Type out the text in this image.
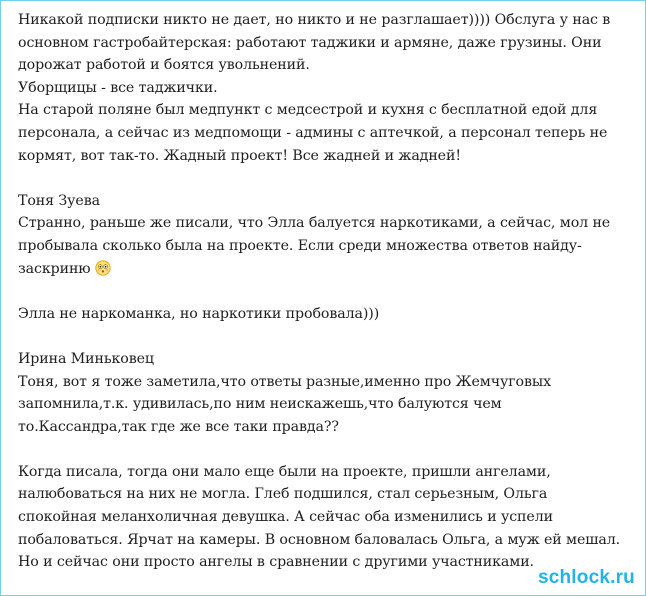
Никакой подписки никто не дает, но никто и не разглашает)))) Обслуга у нас в
основном гастробайтерская: работают таджики и армяне, даже грузины. Они
дорожат работой и боятся увольнений.
Уборщицы - все таджички.
На старой поляне был медпункт с медсестрой и кухня с бесплатной едой для
персонала, а сейчас из медпомощи - админы с аптечкой, а персонал теперь не
кормят, вот так-то. Жадный проект! Все жадней и жадней!
Тоня Зуева
Странно, раньше же писали, что Элла балуется наркотиками, а сейчас, мол не
пробывала сколько была на проекте. Если среди множества ответов найду-
заскриню
Элла не наркоманка, но наркотики пробовала)))
Ирина Миньковец
Тоня, вот я тоже заметила,что ответы разные,именно про Жемчуговых
запомнила,т.к. удивилась,по ним неискажешь,что балуются чем
то.Кассандра,так где же все таки правда??
Когда писала, тогда они мало еще были на проекте, пришли ангелами,
налюбоваться на них не могла. Глеб подшился, стал серьезным, Ольга
спокойная меланхоличная девушка. А сейчас оба изменились и успели
побаловаться. Ярчат на камеры. В основном баловалась Ольга, а муж ей мешал.
Но и сейчас они просто ангелы в сравнении с другими участниками.
schlock.ru
